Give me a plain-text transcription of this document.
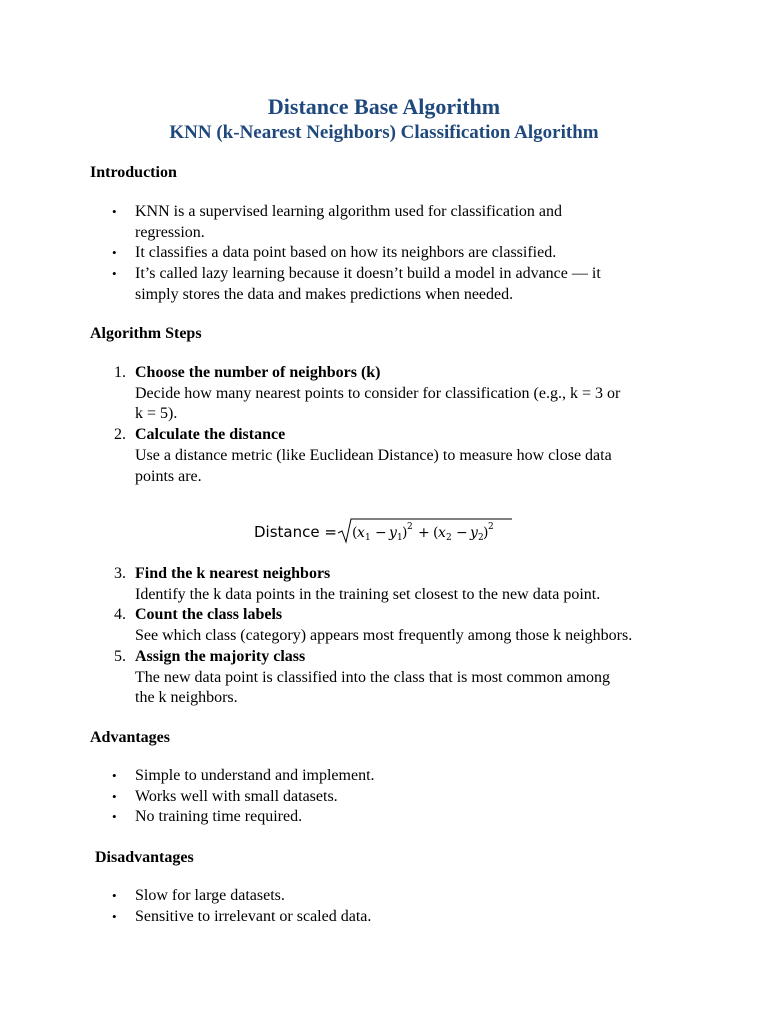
Distance Base Algorithm
KNN (k-Nearest Neighbors) Classification Algorithm
Introduction
• KNN is a supervised learning algorithm used for classification and
regression.
• It classifies a data point based on how its neighbors are classified.
• It’s called lazy learning because it doesn’t build a model in advance — it
simply stores the data and makes predictions when needed.
Algorithm Steps
1. Choose the number of neighbors (k)
Decide how many nearest points to consider for classification (e.g., k = 3 or
k = 5).
2. Calculate the distance
Use a distance metric (like Euclidean Distance) to measure how close data
points are.
Distance = ( x 1 − y 1 ) 2 + ( x 2 − y 2 ) 2
3. Find the k nearest neighbors
Identify the k data points in the training set closest to the new data point.
4. Count the class labels
See which class (category) appears most frequently among those k neighbors.
5. Assign the majority class
The new data point is classified into the class that is most common among
the k neighbors.
Advantages
• Simple to understand and implement.
• Works well with small datasets.
• No training time required.
Disadvantages
• Slow for large datasets.
• Sensitive to irrelevant or scaled data.
